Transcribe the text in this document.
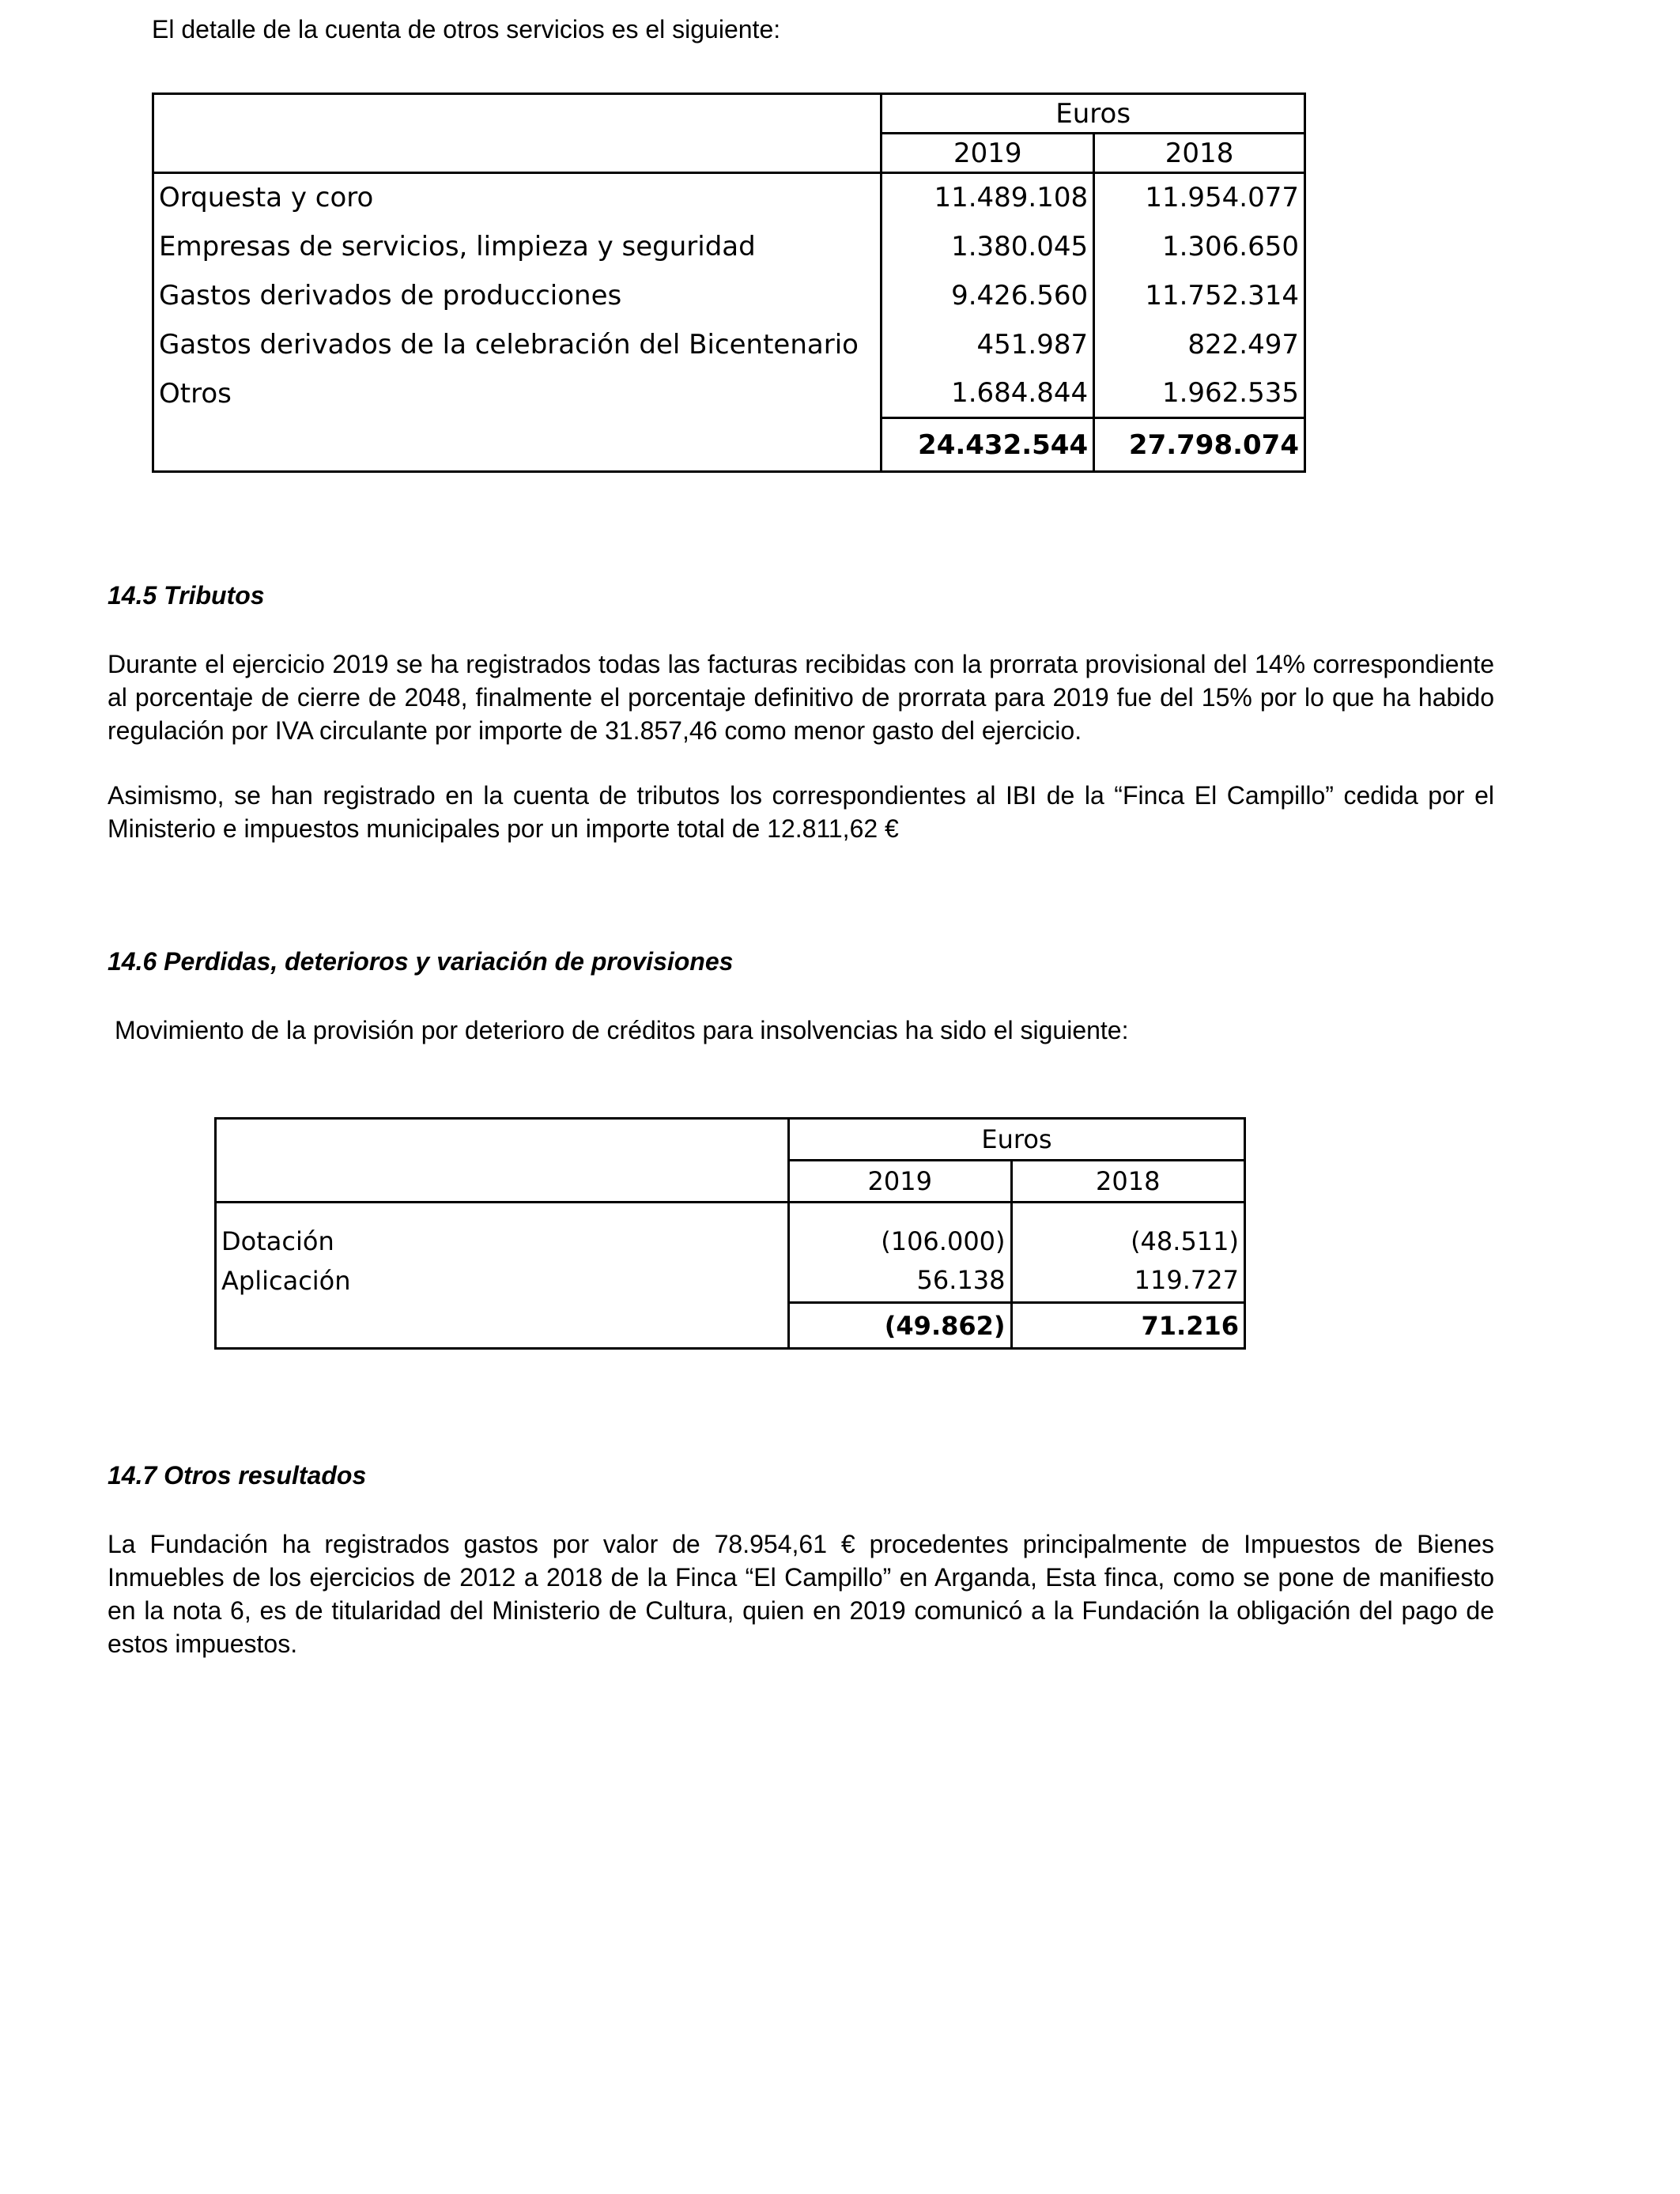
El detalle de la cuenta de otros servicios es el siguiente:
	Euros	
	2019	2018
Orquesta y coro	11.489.108	11.954.077
Empresas de servicios, limpieza y seguridad	1.380.045	1.306.650
Gastos derivados de producciones	9.426.560	11.752.314
Gastos derivados de la celebración del Bicentenario	451.987	822.497
Otros	1.684.844	1.962.535
	24.432.544	27.798.074
14.5 Tributos
Durante el ejercicio 2019 se ha registrados todas las facturas recibidas con la prorrata provisional del 14% correspondiente al porcentaje de cierre de 2048, finalmente el porcentaje definitivo de prorrata para 2019 fue del 15% por lo que ha habido regulación por IVA circulante por importe de 31.857,46 como menor gasto del ejercicio.
Asimismo, se han registrado en la cuenta de tributos los correspondientes al IBI de la “Finca El Campillo” cedida por el Ministerio e impuestos municipales por un importe total de 12.811,62 €
14.6 Perdidas, deterioros y variación de provisiones
Movimiento de la provisión por deterioro de créditos para insolvencias ha sido el siguiente:
	Euros	
	2019	2018
Dotación	(106.000)	(48.511)
Aplicación	56.138	119.727
	(49.862)	71.216
14.7 Otros resultados
La Fundación ha registrados gastos por valor de 78.954,61 € procedentes principalmente de Impuestos de Bienes Inmuebles de los ejercicios de 2012 a 2018 de la Finca “El Campillo” en Arganda, Esta finca, como se pone de manifiesto en la nota 6, es de titularidad del Ministerio de Cultura, quien en 2019 comunicó a la Fundación la obligación del pago de estos impuestos.
